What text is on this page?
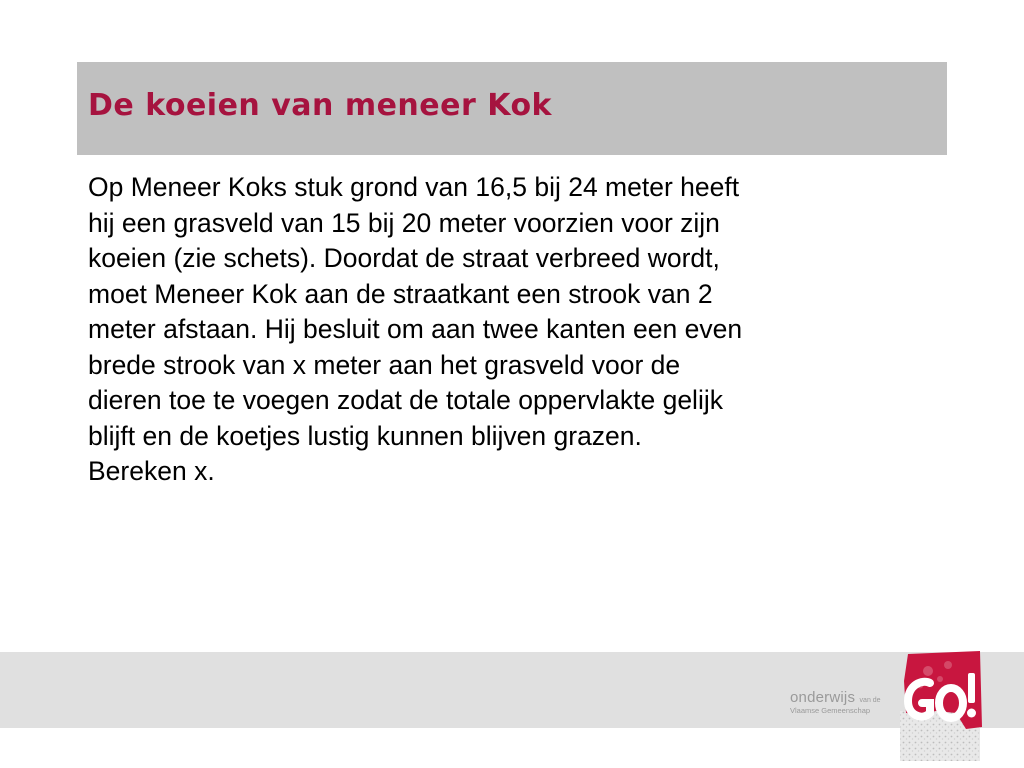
De koeien van meneer Kok
Op Meneer Koks stuk grond van 16,5 bij 24 meter heeft
hij een grasveld van 15 bij 20 meter voorzien voor zijn
koeien (zie schets). Doordat de straat verbreed wordt,
moet Meneer Kok aan de straatkant een strook van 2
meter afstaan. Hij besluit om aan twee kanten een even
brede strook van x meter aan het grasveld voor de
dieren toe te voegen zodat de totale oppervlakte gelijk
blijft en de koetjes lustig kunnen blijven grazen.
Bereken x.
onderwijs van de
Vlaamse Gemeenschap
